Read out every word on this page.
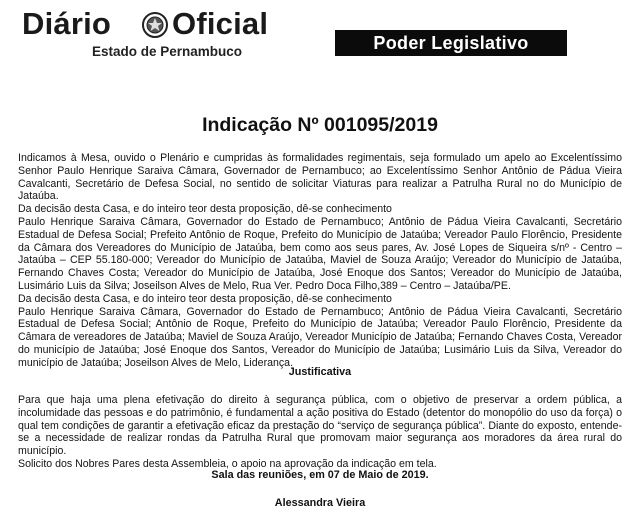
Diário Oficial
Estado de Pernambuco	Poder Legislativo
Indicação Nº 001095/2019

Indicamos à Mesa, ouvido o Plenário e cumpridas às formalidades regimentais, seja formulado um apelo ao Excelentíssimo Senhor Paulo Henrique Saraiva Câmara, Governador de Pernambuco; ao Excelentíssimo Senhor Antônio de Pádua Vieira Cavalcanti, Secretário de Defesa Social, no sentido de solicitar Viaturas para realizar a Patrulha Rural no do Município de Jataúba.

Da decisão desta Casa, e do inteiro teor desta proposição, dê-se conhecimento

Paulo Henrique Saraiva Câmara, Governador do Estado de Pernambuco; Antônio de Pádua Vieira Cavalcanti, Secretário Estadual de Defesa Social; Prefeito Antônio de Roque, Prefeito do Município de Jataúba; Vereador Paulo Florêncio, Presidente da Câmara dos Vereadores do Município de Jataúba, bem como aos seus pares, Av. José Lopes de Siqueira s/nº - Centro – Jataúba – CEP 55.180-000; Vereador do Município de Jataúba, Maviel de Souza Araújo; Vereador do Município de Jataúba, Fernando Chaves Costa; Vereador do Município de Jataúba, José Enoque dos Santos; Vereador do Município de Jataúba, Lusimário Luis da Silva; Joseilson Alves de Melo, Rua Ver. Pedro Doca Filho,389 – Centro – Jataúba/PE.

Da decisão desta Casa, e do inteiro teor desta proposição, dê-se conhecimento

Paulo Henrique Saraiva Câmara, Governador do Estado de Pernambuco; Antônio de Pádua Vieira Cavalcanti, Secretário Estadual de Defesa Social; Antônio de Roque, Prefeito do Município de Jataúba; Vereador Paulo Florêncio, Presidente da Câmara de vereadores de Jataúba; Maviel de Souza Araújo, Vereador Município de Jataúba; Fernando Chaves Costa, Vereador do município de Jataúba; José Enoque dos Santos, Vereador do Município de Jataúba; Lusimário Luis da Silva, Vereador do município de Jataúba; Joseilson Alves de Melo, Liderança.

Justificativa

Para que haja uma plena efetivação do direito à segurança pública, com o objetivo de preservar a ordem pública, a incolumidade das pessoas e do patrimônio, é fundamental a ação positiva do Estado (detentor do monopólio do uso da força) o qual tem condições de garantir a efetivação eficaz da prestação do “serviço de segurança pública”. Diante do exposto, entende-se a necessidade de realizar rondas da Patrulha Rural que promovam maior segurança aos moradores da área rural do município.

Solicito dos Nobres Pares desta Assembleia, o apoio na aprovação da indicação em tela.

Sala das reuniões, em 07 de Maio de 2019.
Alessandra Vieira
